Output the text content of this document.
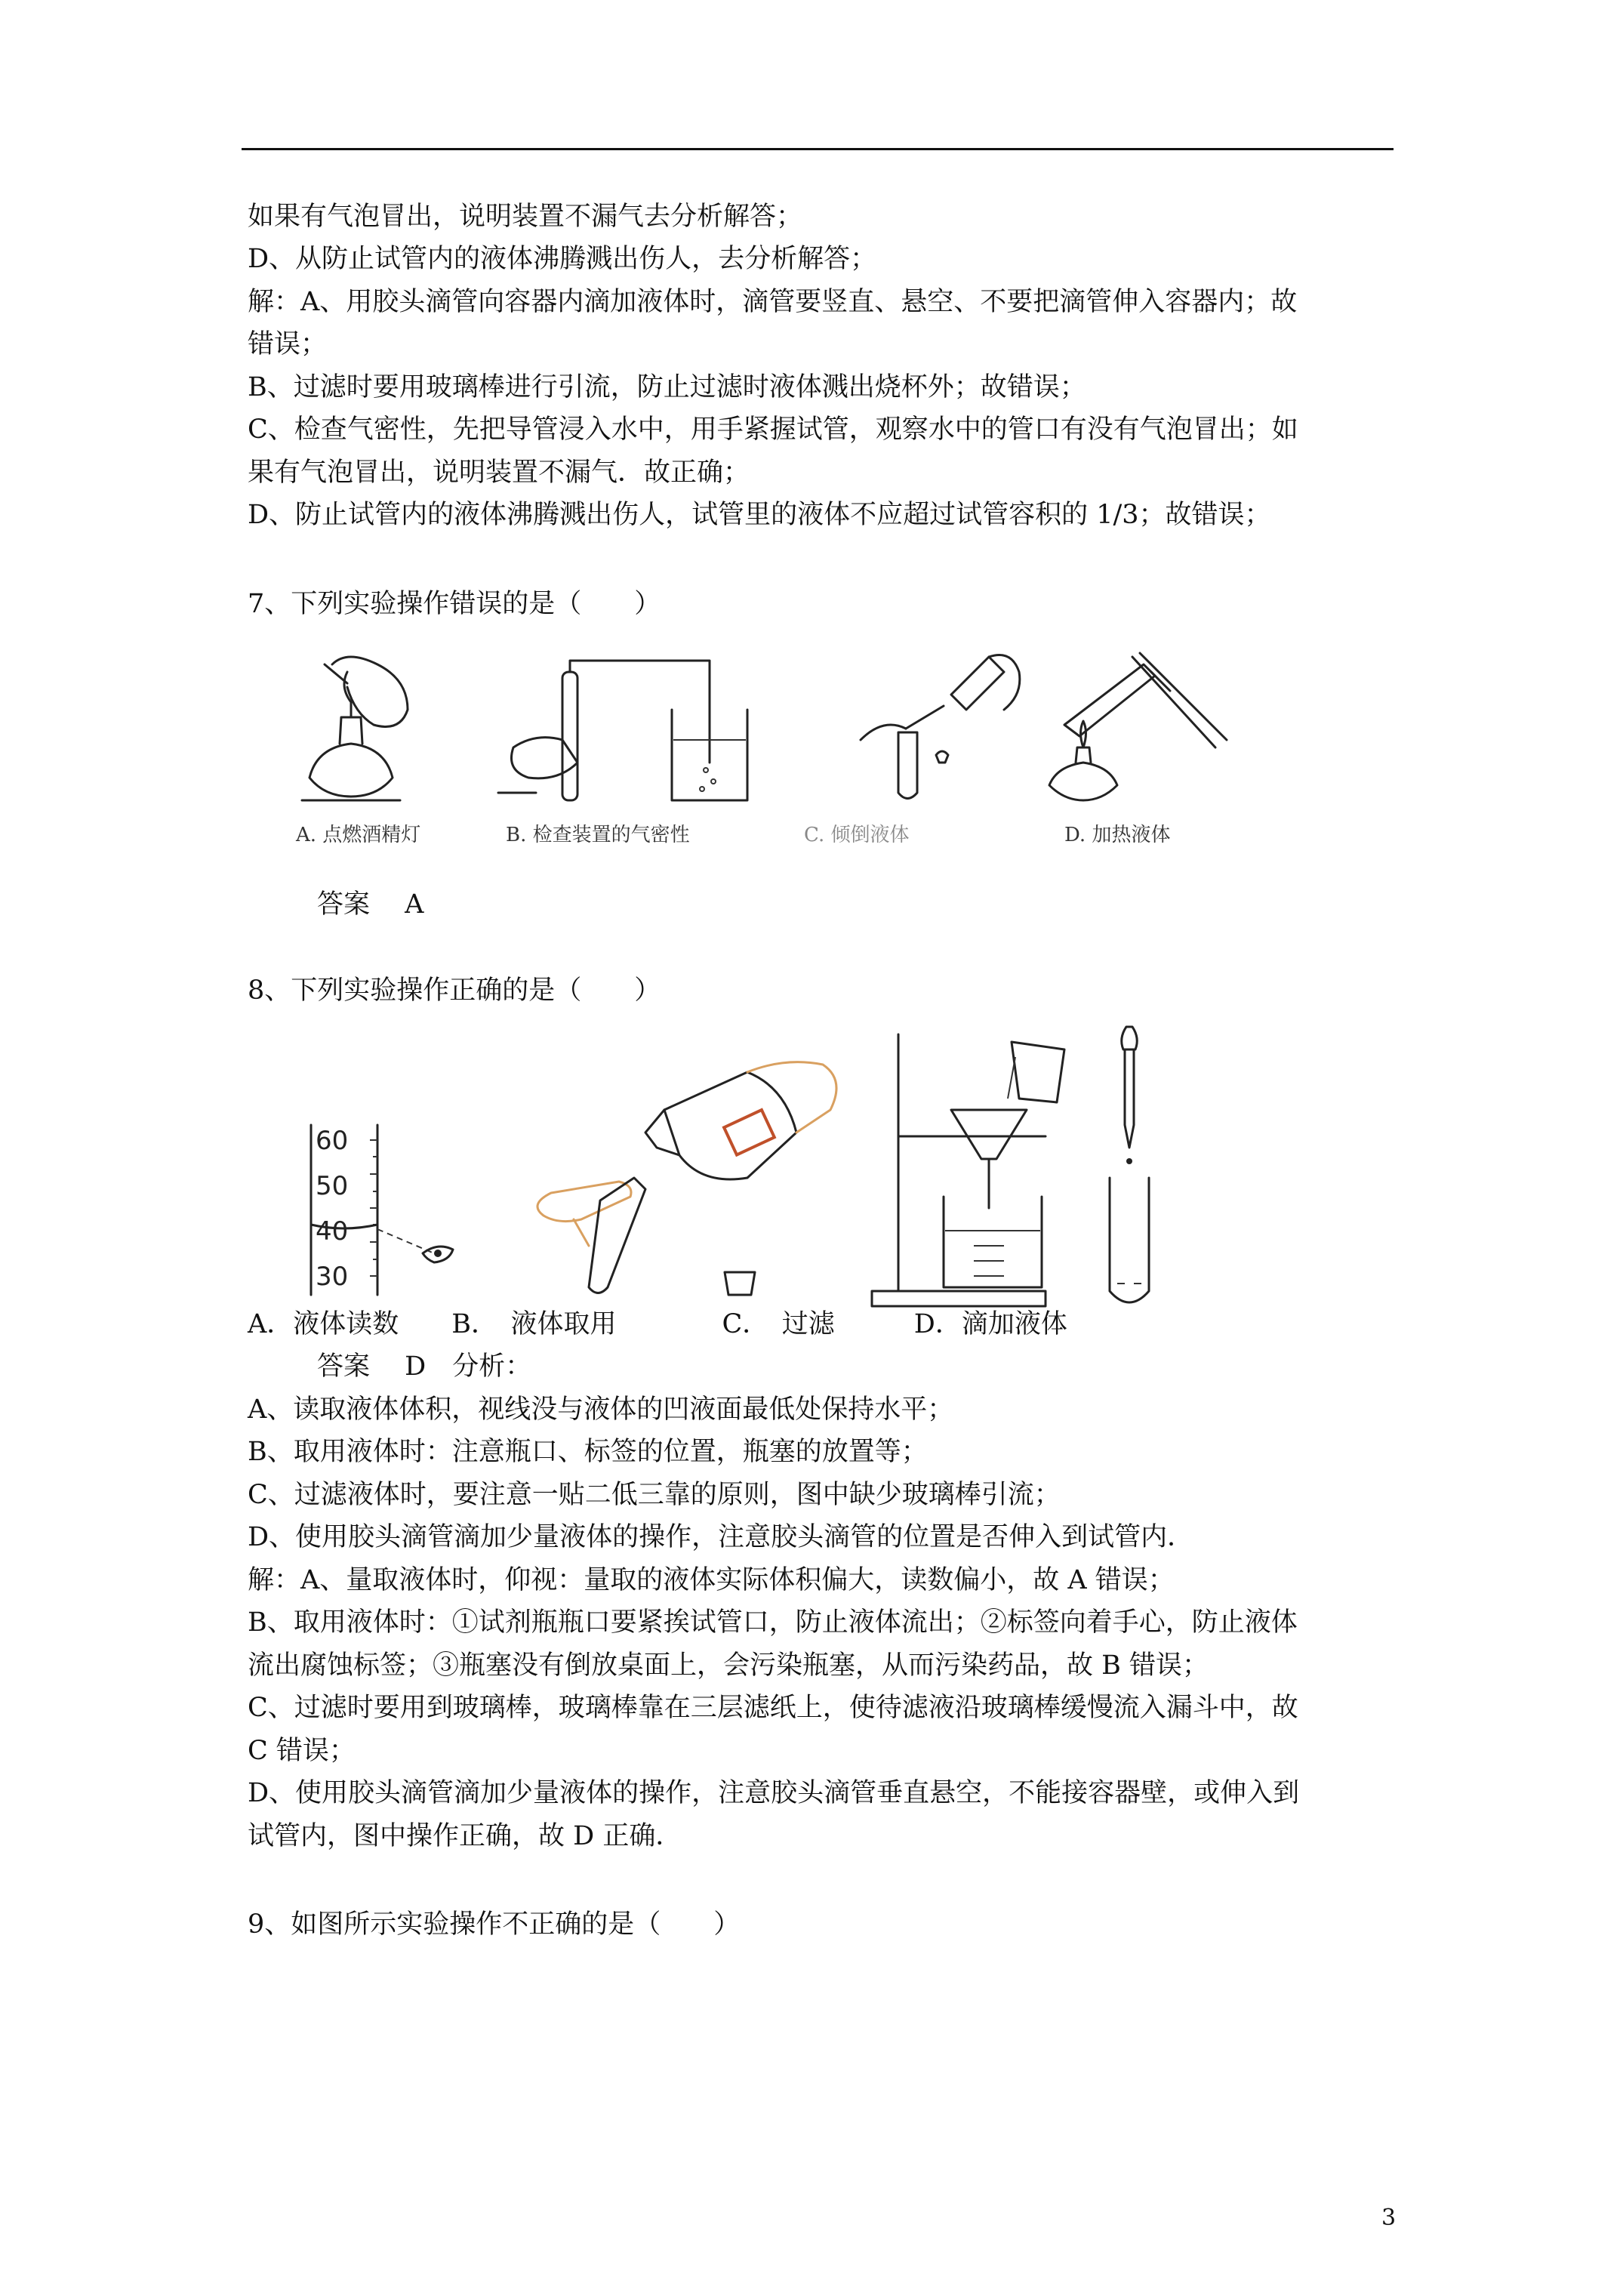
如果有气泡冒出，说明装置不漏气去分析解答；
D、从防止试管内的液体沸腾溅出伤人，去分析解答；
解：A、用胶头滴管向容器内滴加液体时，滴管要竖直、悬空、不要把滴管伸入容器内；故
错误；
B、过滤时要用玻璃棒进行引流，防止过滤时液体溅出烧杯外；故错误；
C、检查气密性，先把导管浸入水中，用手紧握试管，观察水中的管口有没有气泡冒出；如
果有气泡冒出，说明装置不漏气．故正确；
D、防止试管内的液体沸腾溅出伤人，试管里的液体不应超过试管容积的 1/3；故错误；
7、下列实验操作错误的是（　　）
A. 点燃酒精灯	B. 检查装置的气密性	C. 倾倒液体	D. 加热液体
答案　 A
8、下列实验操作正确的是（　　）
60
50
40
30
A．液体读数　　B．　液体取用　　　　C．　过滤　　　D．滴加液体
答案　 D　分析：
A、读取液体体积，视线没与液体的凹液面最低处保持水平；
B、取用液体时：注意瓶口、标签的位置，瓶塞的放置等；
C、过滤液体时，要注意一贴二低三靠的原则，图中缺少玻璃棒引流；
D、使用胶头滴管滴加少量液体的操作，注意胶头滴管的位置是否伸入到试管内．
解：A、量取液体时，仰视：量取的液体实际体积偏大，读数偏小，故 A 错误；
B、取用液体时：①试剂瓶瓶口要紧挨试管口，防止液体流出；②标签向着手心，防止液体
流出腐蚀标签；③瓶塞没有倒放桌面上，会污染瓶塞，从而污染药品，故 B 错误；
C、过滤时要用到玻璃棒，玻璃棒靠在三层滤纸上，使待滤液沿玻璃棒缓慢流入漏斗中，故
C 错误；
D、使用胶头滴管滴加少量液体的操作，注意胶头滴管垂直悬空，不能接容器壁，或伸入到
试管内，图中操作正确，故 D 正确．
9、如图所示实验操作不正确的是（　　）
3
